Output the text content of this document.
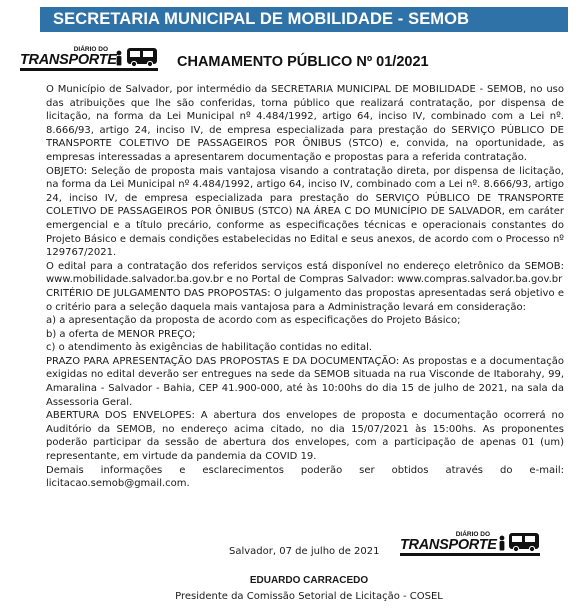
SECRETARIA MUNICIPAL DE MOBILIDADE - SEMOB
DIÁRIO DO
TRANSPORTE	CHAMAMENTO PÚBLICO Nº 01/2021

O Município de Salvador, por intermédio da SECRETARIA MUNICIPAL DE MOBILIDADE - SEMOB, no uso das atribuições que lhe são conferidas, torna público que realizará contratação, por dispensa de licitação, na forma da Lei Municipal nº 4.484/1992, artigo 64, inciso IV, combinado com a Lei nº. 8.666/93, artigo 24, inciso IV, de empresa especializada para prestação do SERVIÇO PÚBLICO DE TRANSPORTE COLETIVO DE PASSAGEIROS POR ÔNIBUS (STCO) e, convida, na oportunidade, as empresas interessadas a apresentarem documentação e propostas para a referida contratação.

OBJETO: Seleção de proposta mais vantajosa visando a contratação direta, por dispensa de licitação, na forma da Lei Municipal nº 4.484/1992, artigo 64, inciso IV, combinado com a Lei nº. 8.666/93, artigo 24, inciso IV, de empresa especializada para prestação do SERVIÇO PÚBLICO DE TRANSPORTE COLETIVO DE PASSAGEIROS POR ÔNIBUS (STCO) NA ÁREA C DO MUNICÍPIO DE SALVADOR, em caráter emergencial e a título precário, conforme as especificações técnicas e operacionais constantes do Projeto Básico e demais condições estabelecidas no Edital e seus anexos, de acordo com o Processo nº 129767/2021.

O edital para a contratação dos referidos serviços está disponível no endereço eletrônico da SEMOB: www.mobilidade.salvador.ba.gov.br e no Portal de Compras Salvador: www.compras.salvador.ba.gov.br

CRITÉRIO DE JULGAMENTO DAS PROPOSTAS: O julgamento das propostas apresentadas será objetivo e o critério para a seleção daquela mais vantajosa para a Administração levará em consideração:

a) a apresentação da proposta de acordo com as especificações do Projeto Básico;

b) a oferta de MENOR PREÇO;

c) o atendimento às exigências de habilitação contidas no edital.

PRAZO PARA APRESENTAÇÃO DAS PROPOSTAS E DA DOCUMENTAÇÃO: As propostas e a documentação exigidas no edital deverão ser entregues na sede da SEMOB situada na rua Visconde de Itaborahy, 99, Amaralina - Salvador - Bahia, CEP 41.900-000, até às 10:00hs do dia 15 de julho de 2021, na sala da Assessoria Geral.

ABERTURA DOS ENVELOPES: A abertura dos envelopes de proposta e documentação ocorrerá no Auditório da SEMOB, no endereço acima citado, no dia 15/07/2021 às 15:00hs. As proponentes poderão participar da sessão de abertura dos envelopes, com a participação de apenas 01 (um) representante, em virtude da pandemia da COVID 19.

Demais informações e esclarecimentos poderão ser obtidos através do e-mail: licitacao.semob@gmail.com.

Salvador, 07 de julho de 2021
DIÁRIO DO
TRANSPORTE
EDUARDO CARRACEDO
Presidente da Comissão Setorial de Licitação - COSEL
